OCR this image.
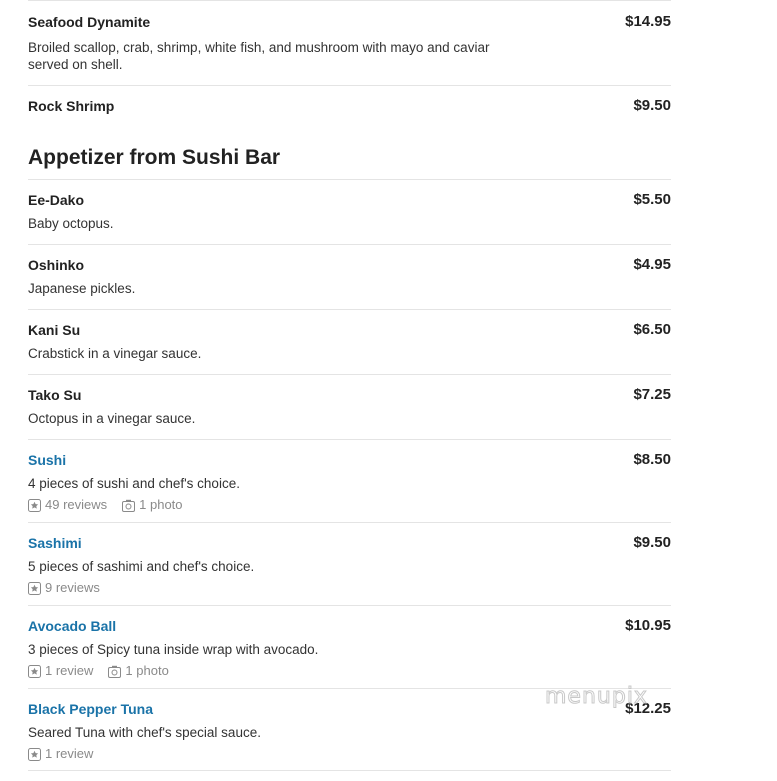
Seafood Dynamite	$14.95
Broiled scallop, crab, shrimp, white fish, and mushroom with mayo and caviar served on shell.
Rock Shrimp	$9.50
Appetizer from Sushi Bar
Ee-Dako	$5.50
Baby octopus.
Oshinko	$4.95
Japanese pickles.
Kani Su	$6.50
Crabstick in a vinegar sauce.
Tako Su	$7.25
Octopus in a vinegar sauce.
Sushi	$8.50
4 pieces of sushi and chef's choice.
49 reviews 1 photo
Sashimi	$9.50
5 pieces of sashimi and chef's choice.
9 reviews
Avocado Ball	$10.95
3 pieces of Spicy tuna inside wrap with avocado.
1 review 1 photo
Black Pepper Tuna	$12.25
Seared Tuna with chef's special sauce.
1 review
menupix
